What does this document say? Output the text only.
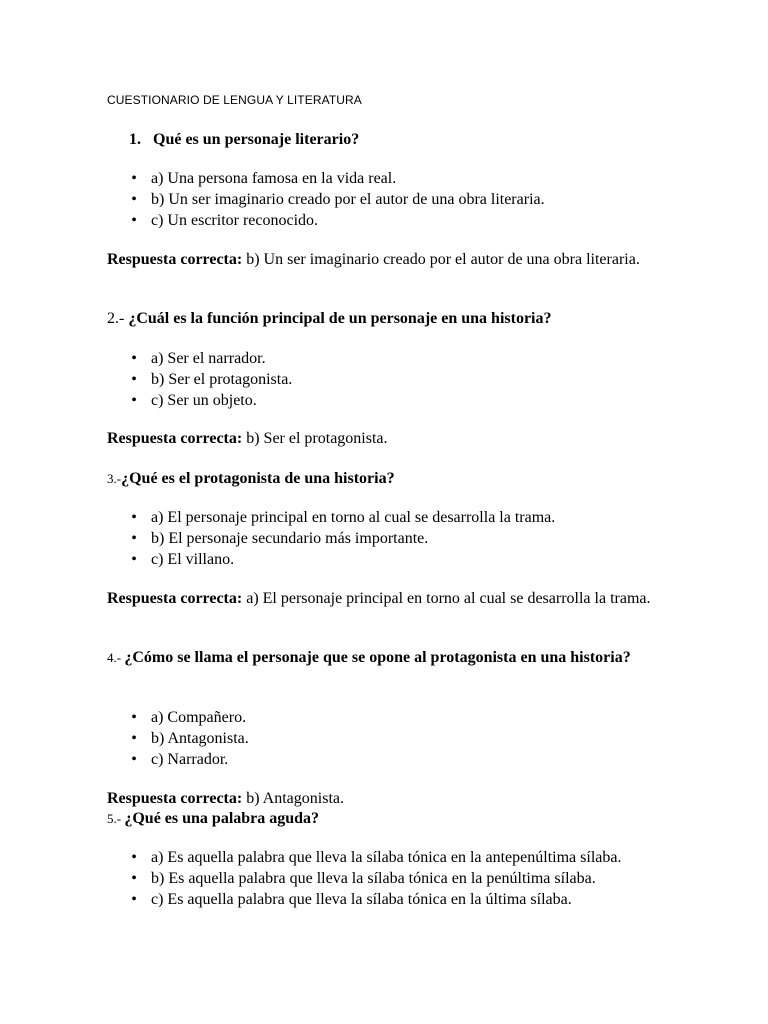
CUESTIONARIO DE LENGUA Y LITERATURA
1. Qué es un personaje literario?
• a) Una persona famosa en la vida real.
• b) Un ser imaginario creado por el autor de una obra literaria.
• c) Un escritor reconocido.
Respuesta correcta: b) Un ser imaginario creado por el autor de una obra literaria.
2.- ¿Cuál es la función principal de un personaje en una historia?
• a) Ser el narrador.
• b) Ser el protagonista.
• c) Ser un objeto.
Respuesta correcta: b) Ser el protagonista.
3.-¿Qué es el protagonista de una historia?
• a) El personaje principal en torno al cual se desarrolla la trama.
• b) El personaje secundario más importante.
• c) El villano.
Respuesta correcta: a) El personaje principal en torno al cual se desarrolla la trama.
4.- ¿Cómo se llama el personaje que se opone al protagonista en una historia?
• a) Compañero.
• b) Antagonista.
• c) Narrador.
Respuesta correcta: b) Antagonista.
5.- ¿Qué es una palabra aguda?
• a) Es aquella palabra que lleva la sílaba tónica en la antepenúltima sílaba.
• b) Es aquella palabra que lleva la sílaba tónica en la penúltima sílaba.
• c) Es aquella palabra que lleva la sílaba tónica en la última sílaba.
